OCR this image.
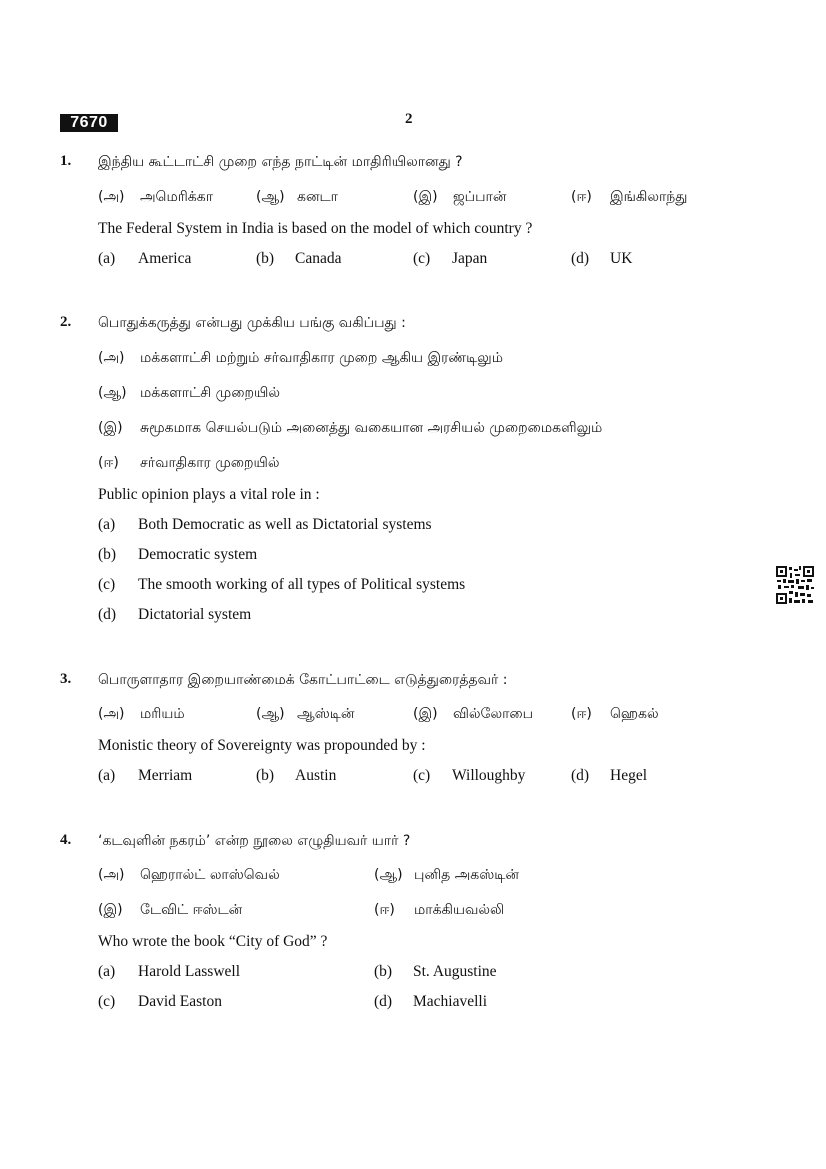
7670	2
1. இந்திய கூட்டாட்சி முறை எந்த நாட்டின் மாதிரியிலானது ?
(அ) அமெரிக்கா	(ஆ) கனடா	(இ) ஜப்பான்	(ஈ) இங்கிலாந்து
The Federal System in India is based on the model of which country ?
(a) America	(b) Canada	(c) Japan	(d) UK
2. பொதுக்கருத்து என்பது முக்கிய பங்கு வகிப்பது :
(அ) மக்களாட்சி மற்றும் சர்வாதிகார முறை ஆகிய இரண்டிலும்
(ஆ) மக்களாட்சி முறையில்
(இ) சுமூகமாக செயல்படும் அனைத்து வகையான அரசியல் முறைமைகளிலும்
(ஈ) சர்வாதிகார முறையில்
Public opinion plays a vital role in :
(a) Both Democratic as well as Dictatorial systems
(b) Democratic system
(c) The smooth working of all types of Political systems
(d) Dictatorial system
3. பொருளாதார இறையாண்மைக் கோட்பாட்டை எடுத்துரைத்தவர் :
(அ) மரியம்	(ஆ) ஆஸ்டின்	(இ) வில்லோபை	(ஈ) ஹெகல்
Monistic theory of Sovereignty was propounded by :
(a) Merriam	(b) Austin	(c) Willoughby	(d) Hegel
4. ‘கடவுளின் நகரம்’ என்ற நூலை எழுதியவர் யார் ?
(அ) ஹெரால்ட் லாஸ்வெல்	(ஆ) புனித அகஸ்டின்
(இ) டேவிட் ஈஸ்டன்	(ஈ) மாக்கியவல்லி
Who wrote the book “City of God” ?
(a) Harold Lasswell	(b) St. Augustine
(c) David Easton	(d) Machiavelli
